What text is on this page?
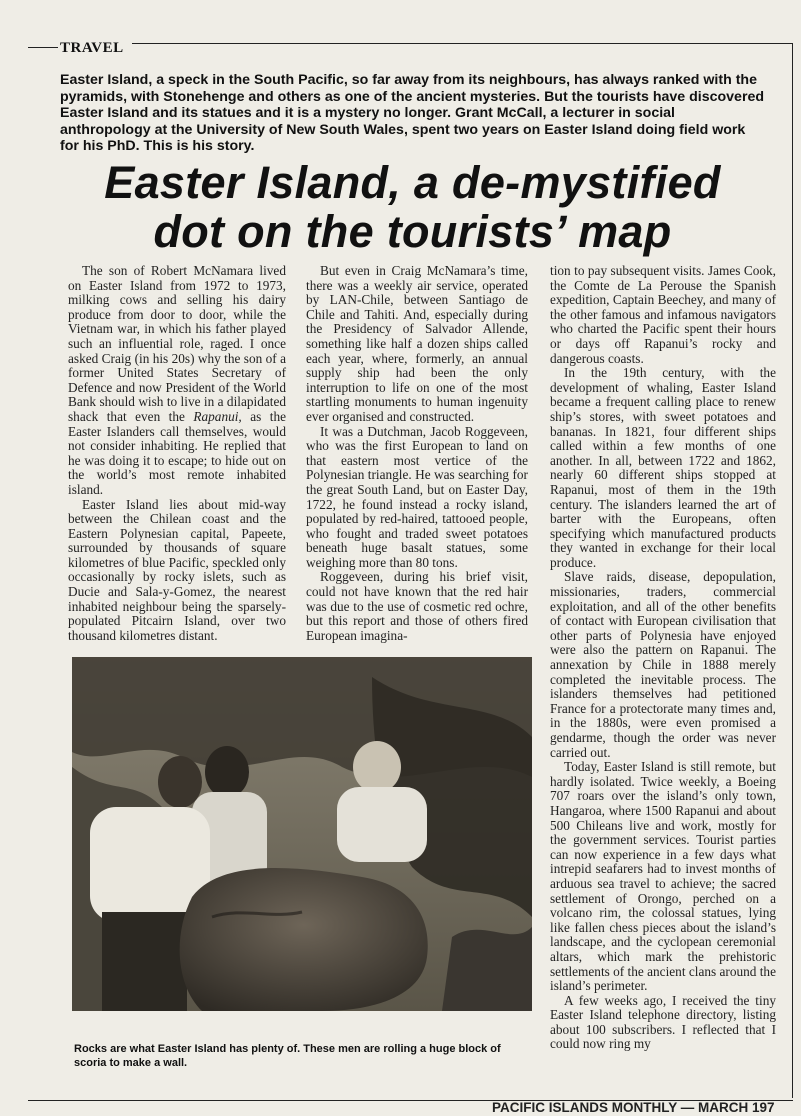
TRAVEL
Easter Island, a speck in the South Pacific, so far away from its neighbours, has always ranked with the pyramids, with Stonehenge and others as one of the ancient mysteries. But the tourists have discovered Easter Island and its statues and it is a mystery no longer. Grant McCall, a lecturer in social anthropology at the University of New South Wales, spent two years on Easter Island doing field work for his PhD. This is his story.
Easter Island, a de-mystified
dot on the tourists’ map

The son of Robert McNamara lived on Easter Island from 1972 to 1973, milking cows and selling his dairy produce from door to door, while the Vietnam war, in which his father played such an influential role, raged. I once asked Craig (in his 20s) why the son of a former United States Secretary of Defence and now President of the World Bank should wish to live in a dilapidated shack that even the Rapanui, as the Easter Islanders call themselves, would not consider inhabiting. He replied that he was doing it to escape; to hide out on the world’s most remote inhabited island.

Easter Island lies about mid-way between the Chilean coast and the Eastern Polynesian capital, Papeete, surrounded by thousands of square kilometres of blue Pacific, speckled only occasionally by rocky islets, such as Ducie and Sala-y-Gomez, the nearest inhabited neighbour being the sparsely-populated Pitcairn Island, over two thousand kilometres distant.

But even in Craig McNamara’s time, there was a weekly air service, operated by LAN-Chile, between Santiago de Chile and Tahiti. And, especially during the Presidency of Salvador Allende, something like half a dozen ships called each year, where, formerly, an annual supply ship had been the only interruption to life on one of the most startling monuments to human ingenuity ever organised and constructed.

It was a Dutchman, Jacob Roggeveen, who was the first European to land on that eastern most vertice of the Polynesian triangle. He was searching for the great South Land, but on Easter Day, 1722, he found instead a rocky island, populated by red-haired, tattooed people, who fought and traded sweet potatoes beneath huge basalt statues, some weighing more than 80 tons.

Roggeveen, during his brief visit, could not have known that the red hair was due to the use of cosmetic red ochre, but this report and those of others fired European imagina-

tion to pay subsequent visits. James Cook, the Comte de La Perouse the Spanish expedition, Captain Beechey, and many of the other famous and infamous navigators who charted the Pacific spent their hours or days off Rapanui’s rocky and dangerous coasts.

In the 19th century, with the development of whaling, Easter Island became a frequent calling place to renew ship’s stores, with sweet potatoes and bananas. In 1821, four different ships called within a few months of one another. In all, between 1722 and 1862, nearly 60 different ships stopped at Rapanui, most of them in the 19th century. The islanders learned the art of barter with the Europeans, often specifying which manufactured products they wanted in exchange for their local produce.

Slave raids, disease, depopulation, missionaries, traders, commercial exploitation, and all of the other benefits of contact with European civilisation that other parts of Polynesia have enjoyed were also the pattern on Rapanui. The annexation by Chile in 1888 merely completed the inevitable process. The islanders themselves had petitioned France for a protectorate many times and, in the 1880s, were even promised a gendarme, though the order was never carried out.

Today, Easter Island is still remote, but hardly isolated. Twice weekly, a Boeing 707 roars over the island’s only town, Hangaroa, where 1500 Rapanui and about 500 Chileans live and work, mostly for the government services. Tourist parties can now experience in a few days what intrepid seafarers had to invest months of arduous sea travel to achieve; the sacred settlement of Orongo, perched on a volcano rim, the colossal statues, lying like fallen chess pieces about the island’s landscape, and the cyclopean ceremonial altars, which mark the prehistoric settlements of the ancient clans around the island’s perimeter.

A few weeks ago, I received the tiny Easter Island telephone directory, listing about 100 subscribers. I reflected that I could now ring my

Rocks are what Easter Island has plenty of. These men are rolling a huge block of scoria to make a wall.
PACIFIC ISLANDS MONTHLY — MARCH 197
